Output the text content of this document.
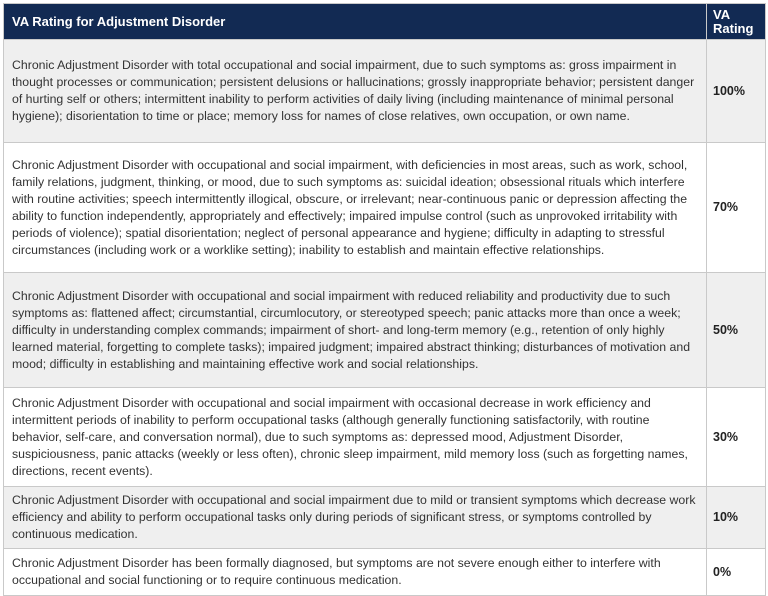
VA Rating for Adjustment Disorder	VA
Rating
Chronic Adjustment Disorder with total occupational and social impairment, due to such symptoms as: gross impairment in thought processes or communication; persistent delusions or hallucinations; grossly inappropriate behavior; persistent danger of hurting self or others; intermittent inability to perform activities of daily living (including maintenance of minimal personal hygiene); disorientation to time or place; memory loss for names of close relatives, own occupation, or own name.	100%
Chronic Adjustment Disorder with occupational and social impairment, with deficiencies in most areas, such as work, school, family relations, judgment, thinking, or mood, due to such symptoms as: suicidal ideation; obsessional rituals which interfere with routine activities; speech intermittently illogical, obscure, or irrelevant; near-continuous panic or depression affecting the ability to function independently, appropriately and effectively; impaired impulse control (such as unprovoked irritability with periods of violence); spatial disorientation; neglect of personal appearance and hygiene; difficulty in adapting to stressful circumstances (including work or a worklike setting); inability to establish and maintain effective relationships.	70%
Chronic Adjustment Disorder with occupational and social impairment with reduced reliability and productivity due to such symptoms as: flattened affect; circumstantial, circumlocutory, or stereotyped speech; panic attacks more than once a week; difficulty in understanding complex commands; impairment of short- and long-term memory (e.g., retention of only highly learned material, forgetting to complete tasks); impaired judgment; impaired abstract thinking; disturbances of motivation and mood; difficulty in establishing and maintaining effective work and social relationships.	50%
Chronic Adjustment Disorder with occupational and social impairment with occasional decrease in work efficiency and intermittent periods of inability to perform occupational tasks (although generally functioning satisfactorily, with routine behavior, self-care, and conversation normal), due to such symptoms as: depressed mood, Adjustment Disorder, suspiciousness, panic attacks (weekly or less often), chronic sleep impairment, mild memory loss (such as forgetting names, directions, recent events).	30%
Chronic Adjustment Disorder with occupational and social impairment due to mild or transient symptoms which decrease work efficiency and ability to perform occupational tasks only during periods of significant stress, or symptoms controlled by continuous medication.	10%
Chronic Adjustment Disorder has been formally diagnosed, but symptoms are not severe enough either to interfere with occupational and social functioning or to require continuous medication.	0%
